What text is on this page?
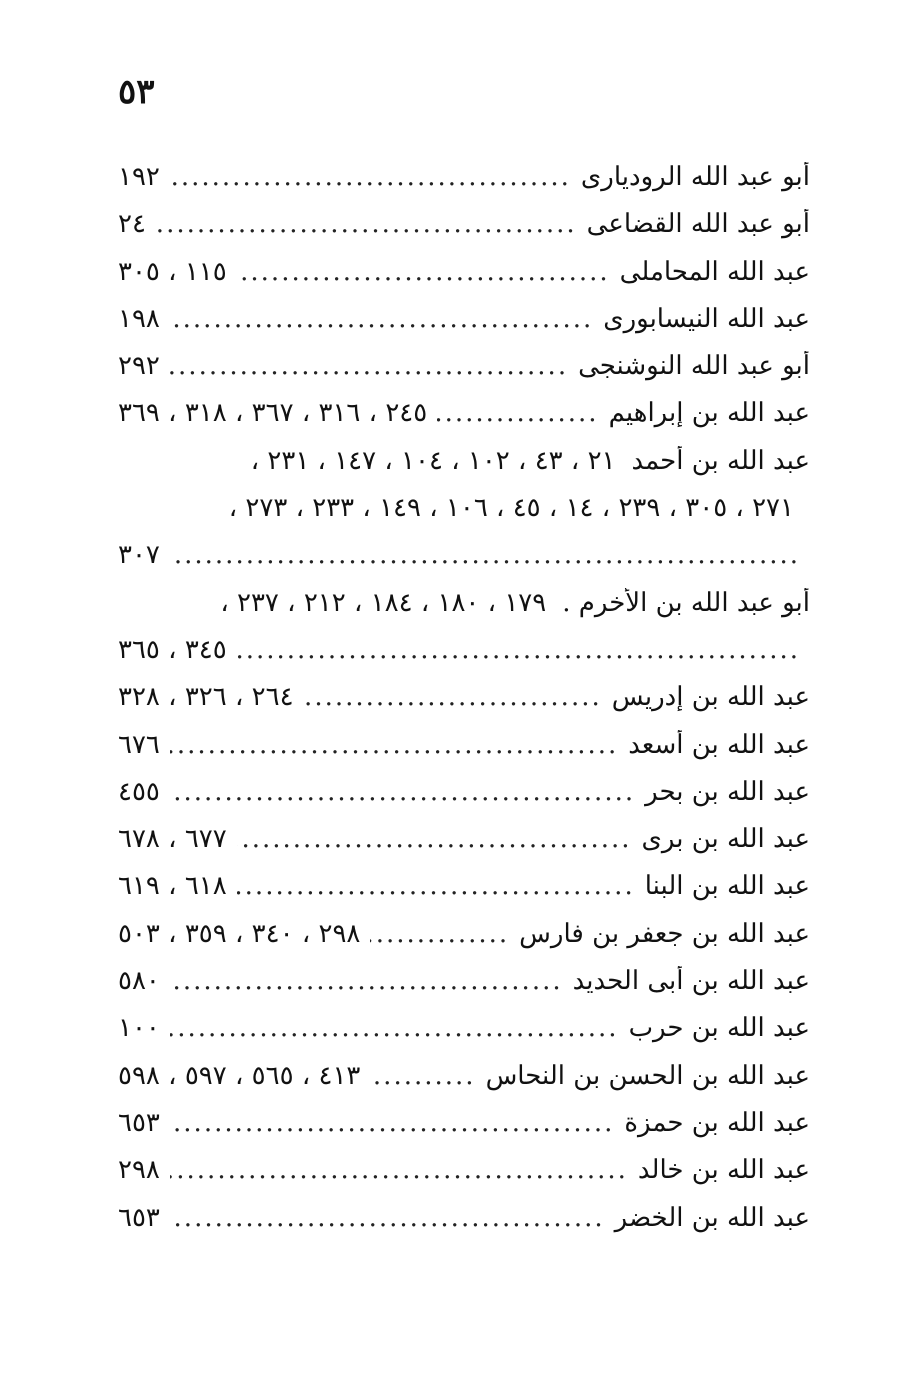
٥٣
أبو عبد الله الروديارى
.....
١٩٢
أبو عبد الله القضاعى
.....
٢٤
عبد الله المحاملى
.....
١١٥ ، ٣٠٥
عبد الله النيسابورى
.....
١٩٨
أبو عبد الله النوشنجى
.....
٢٩٢
عبد الله بن إبراهيم
.....
٢٤٥ ، ٣١٦ ، ٣٦٧ ، ٣١٨ ، ٣٦٩
عبد الله بن أحمد
٢١ ، ٤٣ ، ١٠٢ ، ١٠٤ ، ١٤٧ ، ٢٣١ ،
٢٧١ ، ٣٠٥ ، ٢٣٩ ، ١٤ ، ٤٥ ، ١٠٦ ، ١٤٩ ، ٢٣٣ ، ٢٧٣ ،
.....
٣٠٧
أبو عبد الله بن الأخرم .
١٧٩ ، ١٨٠ ، ١٨٤ ، ٢١٢ ، ٢٣٧ ،
.....
٣٤٥ ، ٣٦٥
عبد الله بن إدريس
.....
٢٦٤ ، ٣٢٦ ، ٣٢٨
عبد الله بن أسعد
.....
٦٧٦
عبد الله بن بحر
.....
٤٥٥
عبد الله بن برى
.....
٦٧٧ ، ٦٧٨
عبد الله بن البنا
.....
٦١٨ ، ٦١٩
عبد الله بن جعفر بن فارس
.....
٢٩٨ ، ٣٤٠ ، ٣٥٩ ، ٥٠٣
عبد الله بن أبى الحديد
.....
٥٨٠
عبد الله بن حرب
.....
١٠٠
عبد الله بن الحسن بن النحاس
.....
٤١٣ ، ٥٦٥ ، ٥٩٧ ، ٥٩٨
عبد الله بن حمزة
.....
٦٥٣
عبد الله بن خالد
.....
٢٩٨
عبد الله بن الخضر
.....
٦٥٣
